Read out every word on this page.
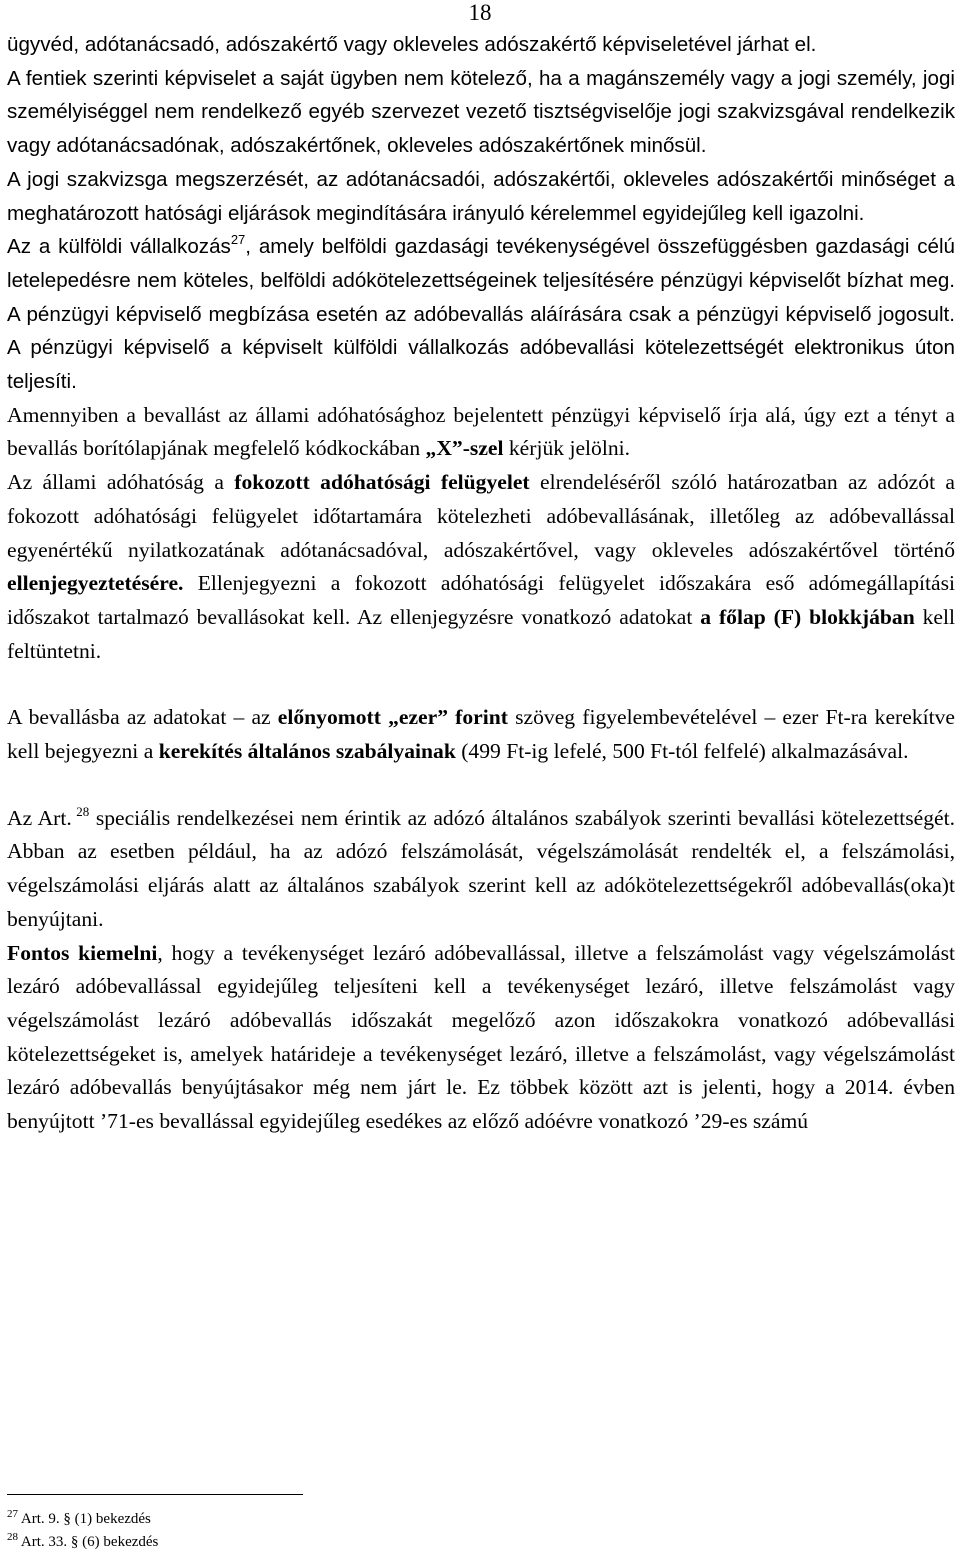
18

ügyvéd, adótanácsadó, adószakértő vagy okleveles adószakértő képviseletével járhat el.

A fentiek szerinti képviselet a saját ügyben nem kötelező, ha a magánszemély vagy a jogi személy, jogi személyiséggel nem rendelkező egyéb szervezet vezető tisztségviselője jogi szakvizsgával rendelkezik vagy adótanácsadónak, adószakértőnek, okleveles adószakértőnek minősül.

A jogi szakvizsga megszerzését, az adótanácsadói, adószakértői, okleveles adószakértői minőséget a meghatározott hatósági eljárások megindítására irányuló kérelemmel egyidejűleg kell igazolni.

Az a külföldi vállalkozás$^{27}$, amely belföldi gazdasági tevékenységével összefüggésben gazdasági célú letelepedésre nem köteles, belföldi adókötelezettségeinek teljesítésére pénzügyi képviselőt bízhat meg. A pénzügyi képviselő megbízása esetén az adóbevallás aláírására csak a pénzügyi képviselő jogosult. A pénzügyi képviselő a képviselt külföldi vállalkozás adóbevallási kötelezettségét elektronikus úton teljesíti.

Amennyiben a bevallást az állami adóhatósághoz bejelentett pénzügyi képviselő írja alá, úgy ezt a tényt a bevallás borítólapjának megfelelő kódkockában „X”-szel kérjük jelölni.

Az állami adóhatóság a fokozott adóhatósági felügyelet elrendeléséről szóló határozatban az adózót a fokozott adóhatósági felügyelet időtartamára kötelezheti adóbevallásának, illetőleg az adóbevallással egyenértékű nyilatkozatának adótanácsadóval, adószakértővel, vagy okleveles adószakértővel történő ellenjegyeztetésére. Ellenjegyezni a fokozott adóhatósági felügyelet időszakára eső adómegállapítási időszakot tartalmazó bevallásokat kell. Az ellenjegyzésre vonatkozó adatokat a főlap (F) blokkjában kell feltüntetni.

A bevallásba az adatokat – az előnyomott „ezer” forint szöveg figyelembevételével – ezer Ft-ra kerekítve kell bejegyezni a kerekítés általános szabályainak (499 Ft-ig lefelé, 500 Ft-tól felfelé) alkalmazásával.

Az Art. $^{28}$ speciális rendelkezései nem érintik az adózó általános szabályok szerinti bevallási kötelezettségét. Abban az esetben például, ha az adózó felszámolását, végelszámolását rendelték el, a felszámolási, végelszámolási eljárás alatt az általános szabályok szerint kell az adókötelezettségekről adóbevallás(oka)t benyújtani.

Fontos kiemelni, hogy a tevékenységet lezáró adóbevallással, illetve a felszámolást vagy végelszámolást lezáró adóbevallással egyidejűleg teljesíteni kell a tevékenységet lezáró, illetve felszámolást vagy végelszámolást lezáró adóbevallás időszakát megelőző azon időszakokra vonatkozó adóbevallási kötelezettségeket is, amelyek határideje a tevékenységet lezáró, illetve a felszámolást, vagy végelszámolást lezáró adóbevallás benyújtásakor még nem járt le. Ez többek között azt is jelenti, hogy a 2014. évben benyújtott ’71-es bevallással egyidejűleg esedékes az előző adóévre vonatkozó ’29-es számú

$^{27}$ Art. 9. § (1) bekezdés
$^{28}$ Art. 33. § (6) bekezdés
